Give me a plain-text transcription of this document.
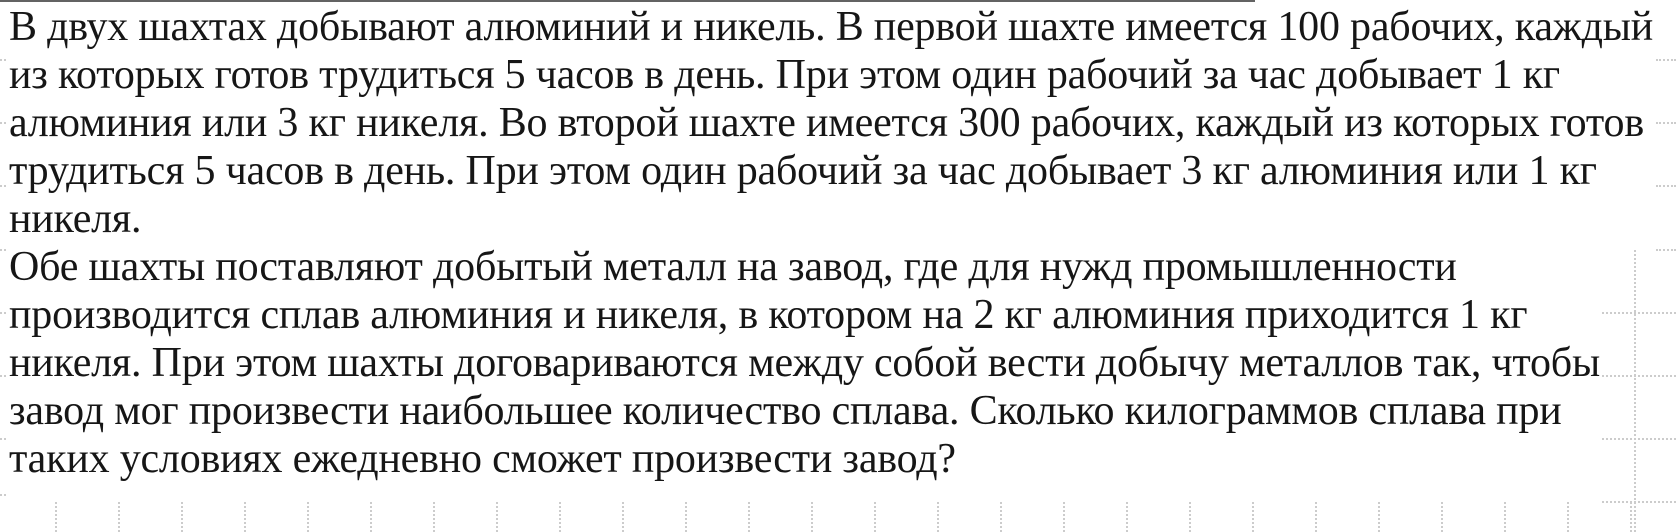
В двух шахтах добывают алюминий и никель. В первой шахте имеется 100 рабочих, каждый
из которых готов трудиться 5 часов в день. При этом один рабочий за час добывает 1 кг
алюминия или 3 кг никеля. Во второй шахте имеется 300 рабочих, каждый из которых готов
трудиться 5 часов в день. При этом один рабочий за час добывает 3 кг алюминия или 1 кг
никеля.
Обе шахты поставляют добытый металл на завод, где для нужд промышленности
производится сплав алюминия и никеля, в котором на 2 кг алюминия приходится 1 кг
никеля. При этом шахты договариваются между собой вести добычу металлов так, чтобы
завод мог произвести наибольшее количество сплава. Сколько килограммов сплава при
таких условиях ежедневно сможет произвести завод?
